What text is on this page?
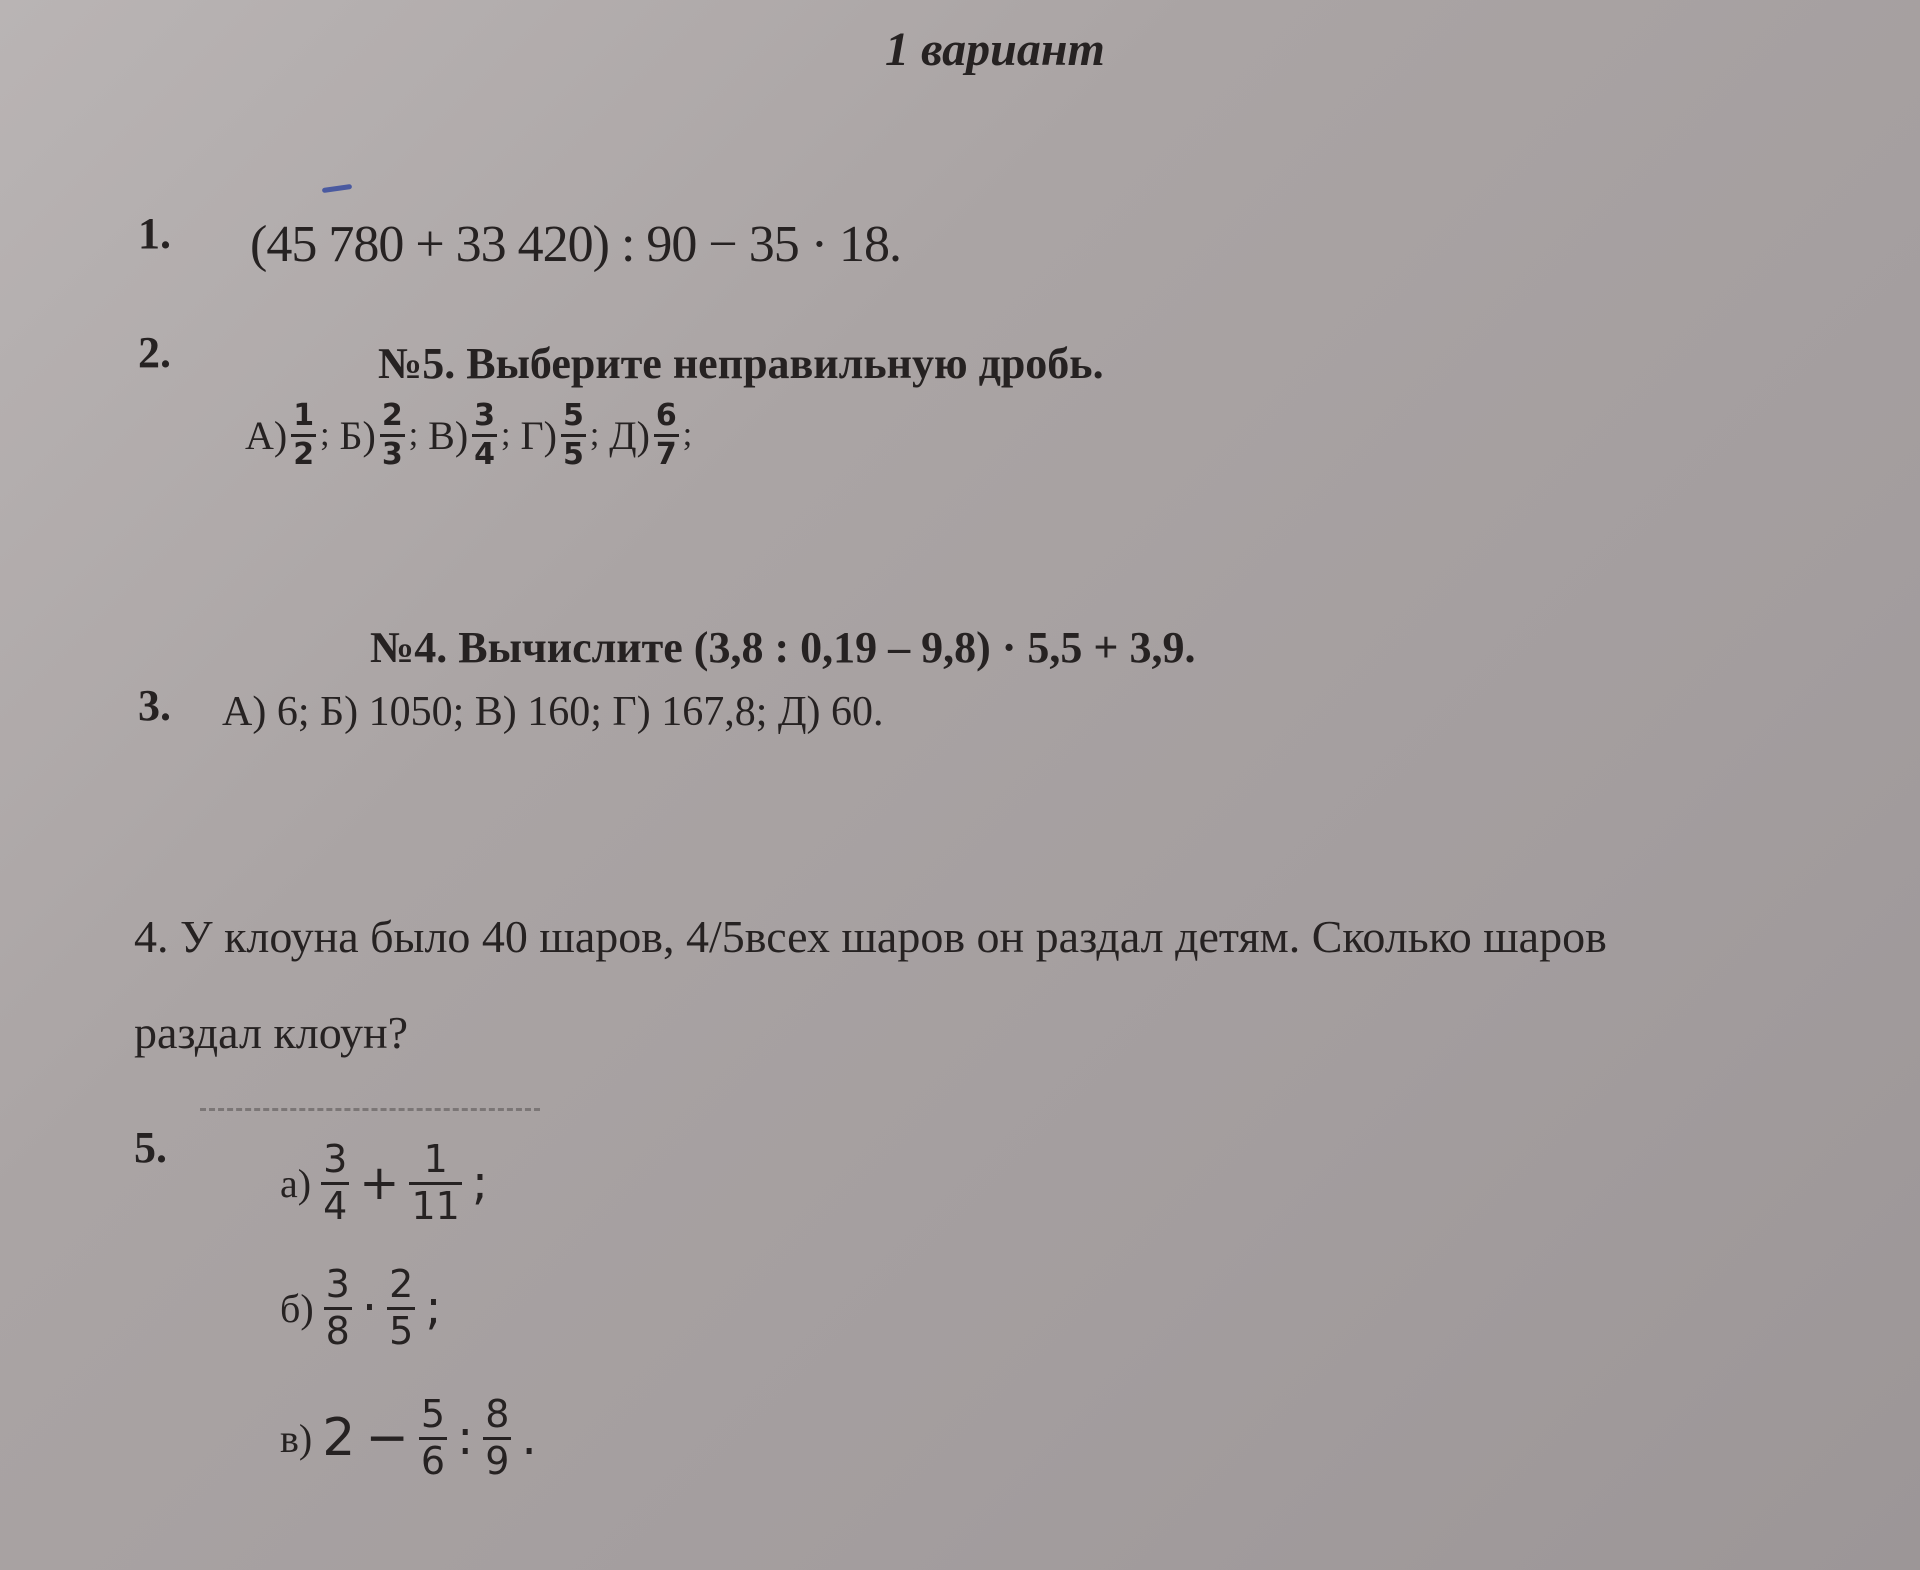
1 вариант
1. (45 780 + 33 420) : 90 − 35 · 18.
2.	№5. Выберите неправильную дробь.
$А) \frac{1}{2}$ ; $Б) \frac{2}{3}$ ; $В) \frac{3}{4}$ ; $Г) \frac{5}{5}$ ; $Д) \frac{6}{7}$ ;
№4. Вычислите (3,8 : 0,19 – 9,8) · 5,5 + 3,9.
3. А) 6; Б) 1050; В) 160; Г) 167,8; Д) 60.
4. У клоуна было 40 шаров, 4/5всех шаров он раздал детям. Сколько шаров
раздал клоун?
5.
$а) \frac{3}{4} + \frac{1}{11}$ ;
$б) \frac{3}{8} \cdot \frac{2}{5}$ ;
в) $2 - \frac{5}{6}$ : $\frac{8}{9}$ .
